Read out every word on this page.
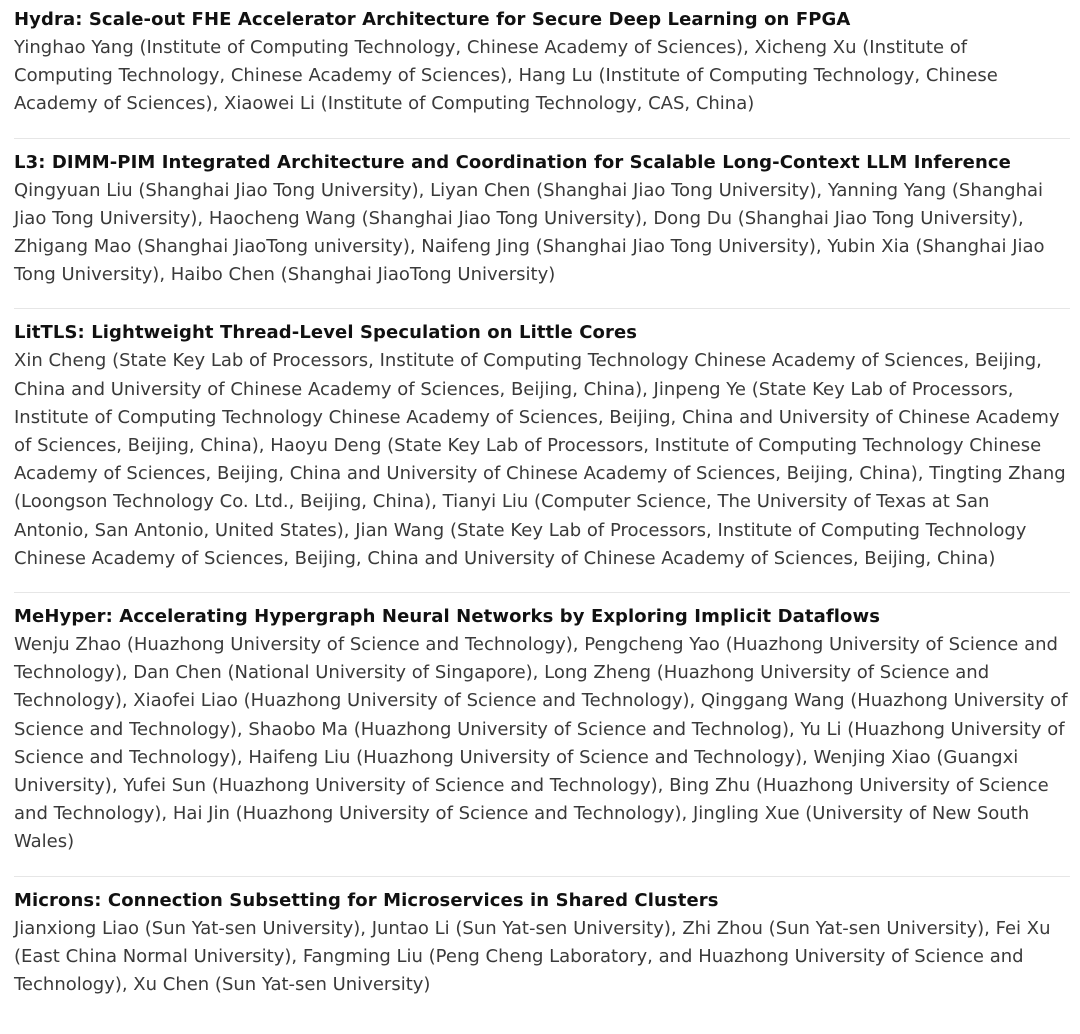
Hydra: Scale-out FHE Accelerator Architecture for Secure Deep Learning on FPGA

Yinghao Yang (Institute of Computing Technology, Chinese Academy of Sciences), Xicheng Xu (Institute of Computing Technology, Chinese Academy of Sciences), Hang Lu (Institute of Computing Technology, Chinese Academy of Sciences), Xiaowei Li (Institute of Computing Technology, CAS, China)

L3: DIMM-PIM Integrated Architecture and Coordination for Scalable Long-Context LLM Inference

Qingyuan Liu (Shanghai Jiao Tong University), Liyan Chen (Shanghai Jiao Tong University), Yanning Yang (Shanghai Jiao Tong University), Haocheng Wang (Shanghai Jiao Tong University), Dong Du (Shanghai Jiao Tong University), Zhigang Mao (Shanghai JiaoTong university), Naifeng Jing (Shanghai Jiao Tong University), Yubin Xia (Shanghai Jiao Tong University), Haibo Chen (Shanghai JiaoTong University)

LitTLS: Lightweight Thread-Level Speculation on Little Cores

Xin Cheng (State Key Lab of Processors, Institute of Computing Technology Chinese Academy of Sciences, Beijing, China and University of Chinese Academy of Sciences, Beijing, China), Jinpeng Ye (State Key Lab of Processors, Institute of Computing Technology Chinese Academy of Sciences, Beijing, China and University of Chinese Academy of Sciences, Beijing, China), Haoyu Deng (State Key Lab of Processors, Institute of Computing Technology Chinese Academy of Sciences, Beijing, China and University of Chinese Academy of Sciences, Beijing, China), Tingting Zhang (Loongson Technology Co. Ltd., Beijing, China), Tianyi Liu (Computer Science, The University of Texas at San Antonio, San Antonio, United States), Jian Wang (State Key Lab of Processors, Institute of Computing Technology Chinese Academy of Sciences, Beijing, China and University of Chinese Academy of Sciences, Beijing, China)

MeHyper: Accelerating Hypergraph Neural Networks by Exploring Implicit Dataflows

Wenju Zhao (Huazhong University of Science and Technology), Pengcheng Yao (Huazhong University of Science and Technology), Dan Chen (National University of Singapore), Long Zheng (Huazhong University of Science and Technology), Xiaofei Liao (Huazhong University of Science and Technology), Qinggang Wang (Huazhong University of Science and Technology), Shaobo Ma (Huazhong University of Science and Technolog), Yu Li (Huazhong University of Science and Technology), Haifeng Liu (Huazhong University of Science and Technology), Wenjing Xiao (Guangxi University), Yufei Sun (Huazhong University of Science and Technology), Bing Zhu (Huazhong University of Science and Technology), Hai Jin (Huazhong University of Science and Technology), Jingling Xue (University of New South Wales)

Microns: Connection Subsetting for Microservices in Shared Clusters

Jianxiong Liao (Sun Yat-sen University), Juntao Li (Sun Yat-sen University), Zhi Zhou (Sun Yat-sen University), Fei Xu (East China Normal University), Fangming Liu (Peng Cheng Laboratory, and Huazhong University of Science and Technology), Xu Chen (Sun Yat-sen University)
